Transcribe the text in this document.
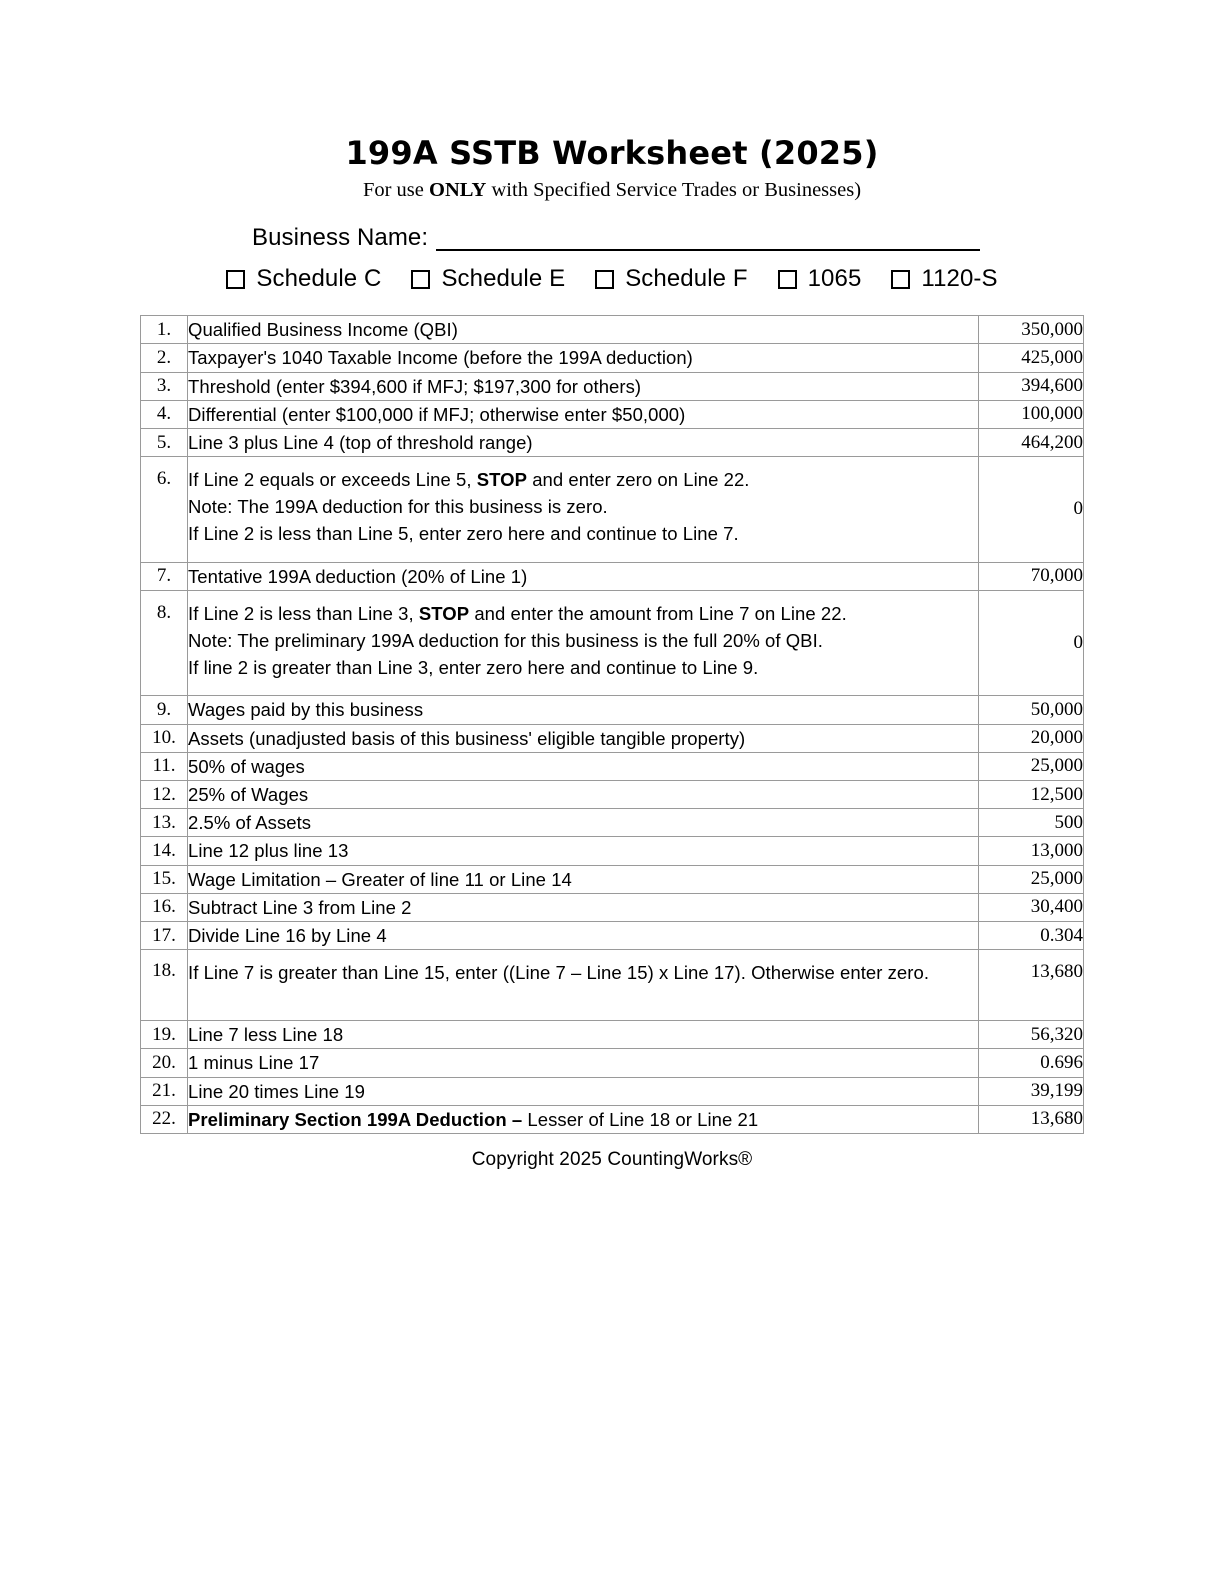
199A SSTB Worksheet (2025)

For use ONLY with Specified Service Trades or Businesses)

Business Name:
Schedule C	Schedule E	Schedule F	1065	1120-S
1.	Qualified Business Income (QBI)	350,000
2.	Taxpayer's 1040 Taxable Income (before the 199A deduction)	425,000
3.	Threshold (enter $394,600 if MFJ; $197,300 for others)	394,600
4.	Differential (enter $100,000 if MFJ; otherwise enter $50,000)	100,000
5.	Line 3 plus Line 4 (top of threshold range)	464,200
6.	If Line 2 equals or exceeds Line 5, STOP and enter zero on Line 22.
Note: The 199A deduction for this business is zero.
If Line 2 is less than Line 5, enter zero here and continue to Line 7.	0
7.	Tentative 199A deduction (20% of Line 1)	70,000
8.	If Line 2 is less than Line 3, STOP and enter the amount from Line 7 on Line 22.
Note: The preliminary 199A deduction for this business is the full 20% of QBI.
If line 2 is greater than Line 3, enter zero here and continue to Line 9.	0
9.	Wages paid by this business	50,000
10.	Assets (unadjusted basis of this business' eligible tangible property)	20,000
11.	50% of wages	25,000
12.	25% of Wages	12,500
13.	2.5% of Assets	500
14.	Line 12 plus line 13	13,000
15.	Wage Limitation – Greater of line 11 or Line 14	25,000
16.	Subtract Line 3 from Line 2	30,400
17.	Divide Line 16 by Line 4	0.304
18.	If Line 7 is greater than Line 15, enter ((Line 7 – Line 15) x Line 17). Otherwise enter zero.	13,680
19.	Line 7 less Line 18	56,320
20.	1 minus Line 17	0.696
21.	Line 20 times Line 19	39,199
22.	Preliminary Section 199A Deduction – Lesser of Line 18 or Line 21	13,680
Copyright 2025 CountingWorks®
